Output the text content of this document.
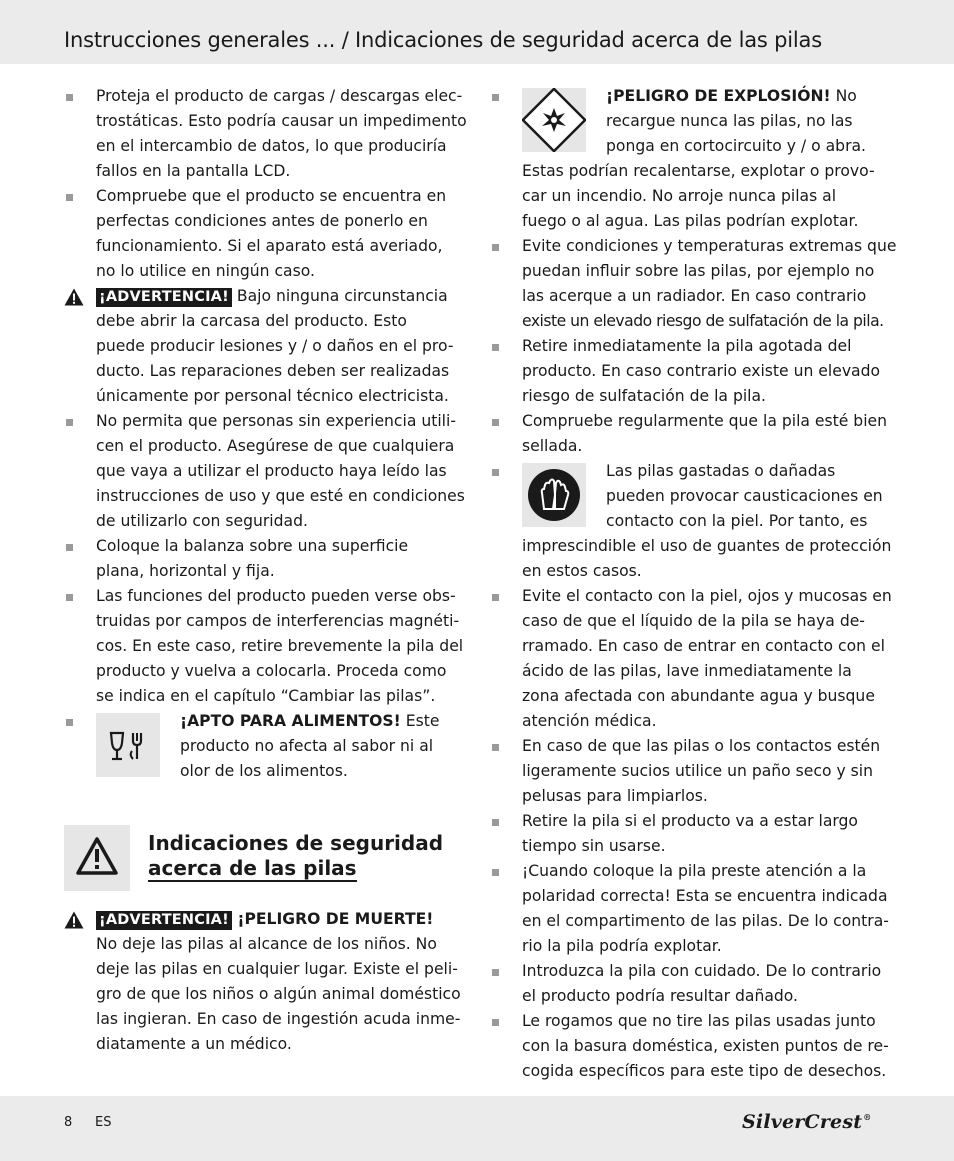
Instrucciones generales ... / Indicaciones de seguridad acerca de las pilas
Proteja el producto de cargas / descargas elec-
trostáticas. Esto podría causar un impedimento
en el intercambio de datos, lo que produciría
fallos en la pantalla LCD.
Compruebe que el producto se encuentra en
perfectas condiciones antes de ponerlo en
funcionamiento. Si el aparato está averiado,
no lo utilice en ningún caso.
¡ADVERTENCIA! Bajo ninguna circunstancia
debe abrir la carcasa del producto. Esto
puede producir lesiones y / o daños en el pro-
ducto. Las reparaciones deben ser realizadas
únicamente por personal técnico electricista.
No permita que personas sin experiencia utili-
cen el producto. Asegúrese de que cualquiera
que vaya a utilizar el producto haya leído las
instrucciones de uso y que esté en condiciones
de utilizarlo con seguridad.
Coloque la balanza sobre una superficie
plana, horizontal y fija.
Las funciones del producto pueden verse obs-
truidas por campos de interferencias magnéti-
cos. En este caso, retire brevemente la pila del
producto y vuelva a colocarla. Proceda como
se indica en el capítulo “Cambiar las pilas”.
¡APTO PARA ALIMENTOS! Este
producto no afecta al sabor ni al
olor de los alimentos.
Indicaciones de seguridad
acerca de las pilas
¡ADVERTENCIA! ¡PELIGRO DE MUERTE!
No deje las pilas al alcance de los niños. No
deje las pilas en cualquier lugar. Existe el peli-
gro de que los niños o algún animal doméstico
las ingieran. En caso de ingestión acuda inme-
diatamente a un médico.
¡PELIGRO DE EXPLOSIÓN! No
recargue nunca las pilas, no las
ponga en cortocircuito y / o abra.
Estas podrían recalentarse, explotar o provo-
car un incendio. No arroje nunca pilas al
fuego o al agua. Las pilas podrían explotar.
Evite condiciones y temperaturas extremas que
puedan influir sobre las pilas, por ejemplo no
las acerque a un radiador. En caso contrario
existe un elevado riesgo de sulfatación de la pila.
Retire inmediatamente la pila agotada del
producto. En caso contrario existe un elevado
riesgo de sulfatación de la pila.
Compruebe regularmente que la pila esté bien
sellada.
Las pilas gastadas o dañadas
pueden provocar causticaciones en
contacto con la piel. Por tanto, es
imprescindible el uso de guantes de protección
en estos casos.
Evite el contacto con la piel, ojos y mucosas en
caso de que el líquido de la pila se haya de-
rramado. En caso de entrar en contacto con el
ácido de las pilas, lave inmediatamente la
zona afectada con abundante agua y busque
atención médica.
En caso de que las pilas o los contactos estén
ligeramente sucios utilice un paño seco y sin
pelusas para limpiarlos.
Retire la pila si el producto va a estar largo
tiempo sin usarse.
¡Cuando coloque la pila preste atención a la
polaridad correcta! Esta se encuentra indicada
en el compartimento de las pilas. De lo contra-
rio la pila podría explotar.
Introduzca la pila con cuidado. De lo contrario
el producto podría resultar dañado.
Le rogamos que no tire las pilas usadas junto
con la basura doméstica, existen puntos de re-
cogida específicos para este tipo de desechos.
8 ES	SilverCrest®
